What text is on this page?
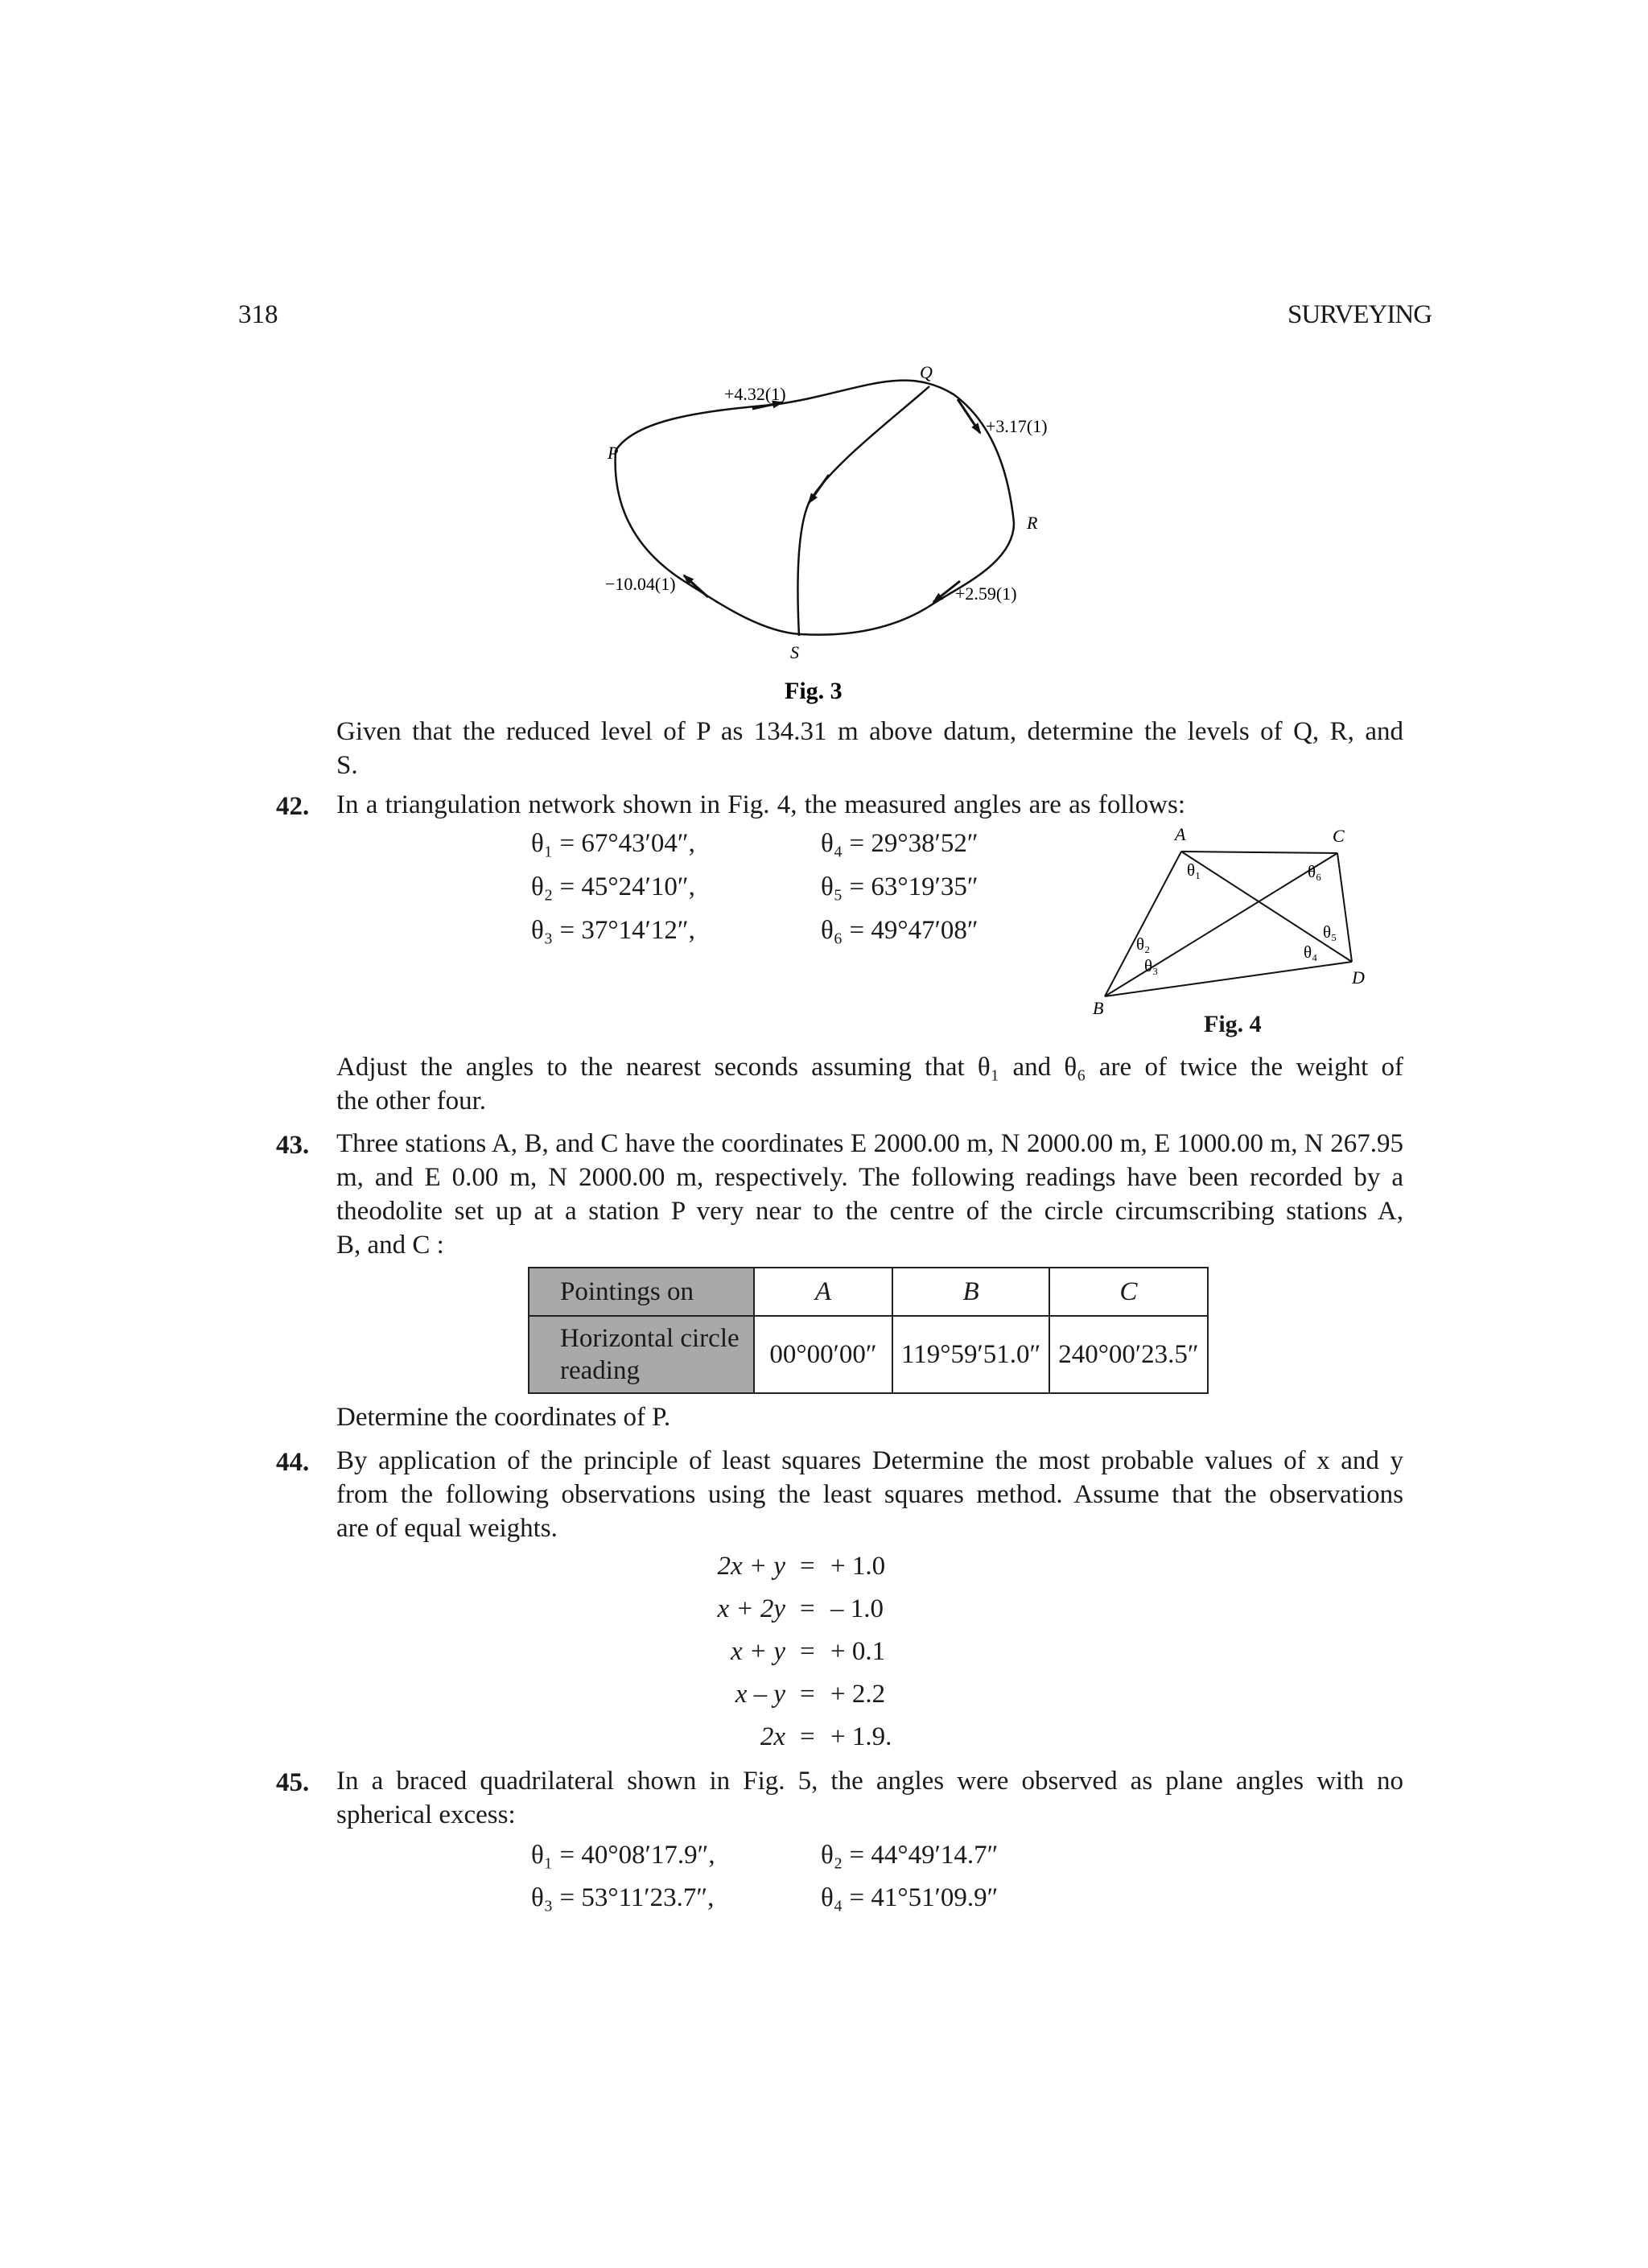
318	SURVEYING
P
Q
R
S
+4.32(1)
+3.17(1)
+2.59(1)
−10.04(1)
Fig. 3
Given that the reduced level of P as 134.31 m above datum, determine the levels of Q, R, and
S.
42. In a triangulation network shown in Fig. 4, the measured angles are as follows:
θ₁ = 67°43′04″,	θ₄ = 29°38′52″
θ₂ = 45°24′10″,	θ₅ = 63°19′35″
θ₃ = 37°14′12″,	θ₆ = 49°47′08″
A
B
C
D
θ₁
θ₂
θ₃
θ₄
θ₅
θ₆
Fig. 4
Adjust the angles to the nearest seconds assuming that θ₁ and θ₆ are of twice the weight of
the other four.
43. Three stations A, B, and C have the coordinates E 2000.00 m, N 2000.00 m, E 1000.00 m, N 267.95
m, and E 0.00 m, N 2000.00 m, respectively. The following readings have been recorded by a
theodolite set up at a station P very near to the centre of the circle circumscribing stations A,
B, and C :
Pointings on	A	B	C
Horizontal circle reading	00°00′00″	119°59′51.0″	240°00′23.5″
Determine the coordinates of P.
44. By application of the principle of least squares Determine the most probable values of x and y
from the following observations using the least squares method. Assume that the observations
are of equal weights.
2x + y = + 1.0
x + 2y = – 1.0
x + y = + 0.1
x – y = + 2.2
2x = + 1.9.
45. In a braced quadrilateral shown in Fig. 5, the angles were observed as plane angles with no
spherical excess:
θ₁ = 40°08′17.9″,	θ₂ = 44°49′14.7″
θ₃ = 53°11′23.7″,	θ₄ = 41°51′09.9″
